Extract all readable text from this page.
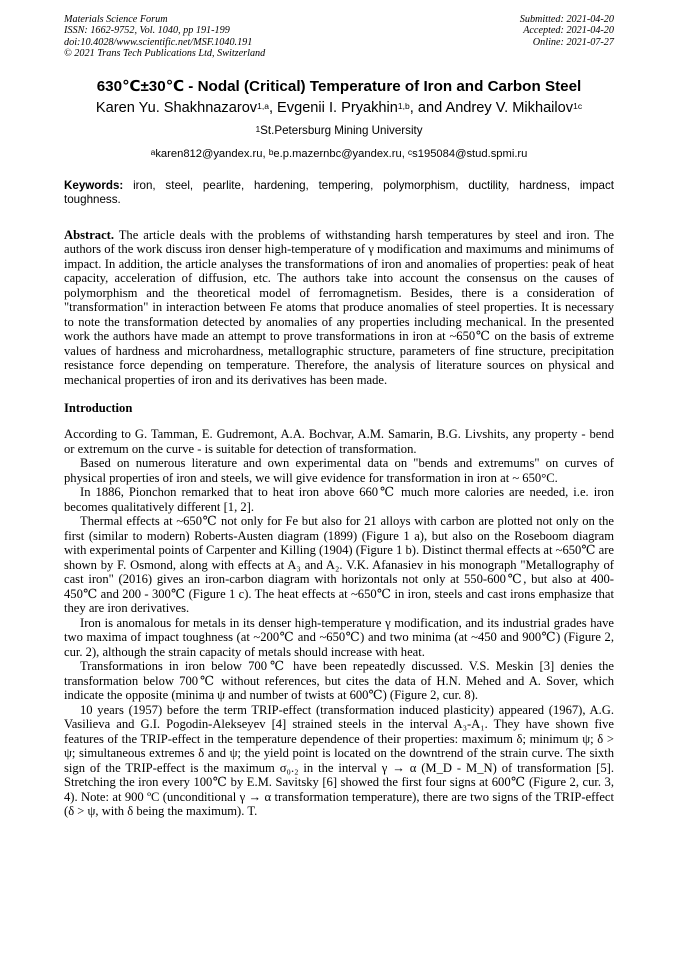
Materials Science Forum
ISSN: 1662-9752, Vol. 1040, pp 191-199
doi:10.4028/www.scientific.net/MSF.1040.191
© 2021 Trans Tech Publications Ltd, Switzerland
Submitted: 2021-04-20
Accepted: 2021-04-20
Online: 2021-07-27
630℃±30℃ - Nodal (Critical) Temperature of Iron and Carbon Steel
Karen Yu. Shakhnazarov$^{1,a}$, Evgenii I. Pryakhin$^{1,b}$, and Andrey V. Mikhailov$^{1c}$
$^1$St.Petersburg Mining University
$^a$karen812@yandex.ru, $^b$e.p.mazernbc@yandex.ru, $^c$s195084@stud.spmi.ru
Keywords: iron, steel, pearlite, hardening, tempering, polymorphism, ductility, hardness, impact toughness.
Abstract. The article deals with the problems of withstanding harsh temperatures by steel and iron. The authors of the work discuss iron denser high-temperature of γ modification and maximums and minimums of impact. In addition, the article analyses the transformations of iron and anomalies of properties: peak of heat capacity, acceleration of diffusion, etc. The authors take into account the consensus on the causes of polymorphism and the theoretical model of ferromagnetism. Besides, there is a consideration of "transformation" in interaction between Fe atoms that produce anomalies of steel properties. It is necessary to note the transformation detected by anomalies of any properties including mechanical. In the presented work the authors have made an attempt to prove transformations in iron at ~650℃ on the basis of extreme values of hardness and microhardness, metallographic structure, parameters of fine structure, precipitation resistance force depending on temperature. Therefore, the analysis of literature sources on physical and mechanical properties of iron and its derivatives has been made.
Introduction

According to G. Tamman, E. Gudremont, A.A. Bochvar, A.M. Samarin, B.G. Livshits, any property - bend or extremum on the curve - is suitable for detection of transformation.

Based on numerous literature and own experimental data on "bends and extremums" on curves of physical properties of iron and steels, we will give evidence for transformation in iron at ~ 650°C.

In 1886, Pionchon remarked that to heat iron above 660℃ much more calories are needed, i.e. iron becomes qualitatively different [1, 2].

Thermal effects at ~650℃ not only for Fe but also for 21 alloys with carbon are plotted not only on the first (similar to modern) Roberts-Austen diagram (1899) (Figure 1 a), but also on the Roseboom diagram with experimental points of Carpenter and Killing (1904) (Figure 1 b). Distinct thermal effects at ~650℃ are shown by F. Osmond, along with effects at A₃ and A₂. V.K. Afanasiev in his monograph "Metallography of cast iron" (2016) gives an iron-carbon diagram with horizontals not only at 550-600℃, but also at 400-450℃ and 200 - 300℃ (Figure 1 c). The heat effects at ~650℃ in iron, steels and cast irons emphasize that they are iron derivatives.

Iron is anomalous for metals in its denser high-temperature γ modification, and its industrial grades have two maxima of impact toughness (at ~200℃ and ~650℃) and two minima (at ~450 and 900℃) (Figure 2, cur. 2), although the strain capacity of metals should increase with heat.

Transformations in iron below 700℃ have been repeatedly discussed. V.S. Meskin [3] denies the transformation below 700℃ without references, but cites the data of H.N. Mehed and A. Sover, which indicate the opposite (minima ψ and number of twists at 600℃) (Figure 2, cur. 8).

10 years (1957) before the term TRIP-effect (transformation induced plasticity) appeared (1967), A.G. Vasilieva and G.I. Pogodin-Alekseyev [4] strained steels in the interval A₃-A₁. They have shown five features of the TRIP-effect in the temperature dependence of their properties: maximum δ; minimum ψ; δ > ψ; simultaneous extremes δ and ψ; the yield point is located on the downtrend of the strain curve. The sixth sign of the TRIP-effect is the maximum σ₀.₂ in the interval γ → α (M_D - M_N) of transformation [5]. Stretching the iron every 100℃ by E.M. Savitsky [6] showed the first four signs at 600℃ (Figure 2, cur. 3, 4). Note: at 900 ºC (unconditional γ → α transformation temperature), there are two signs of the TRIP-effect (δ > ψ, with δ being the maximum). T.
